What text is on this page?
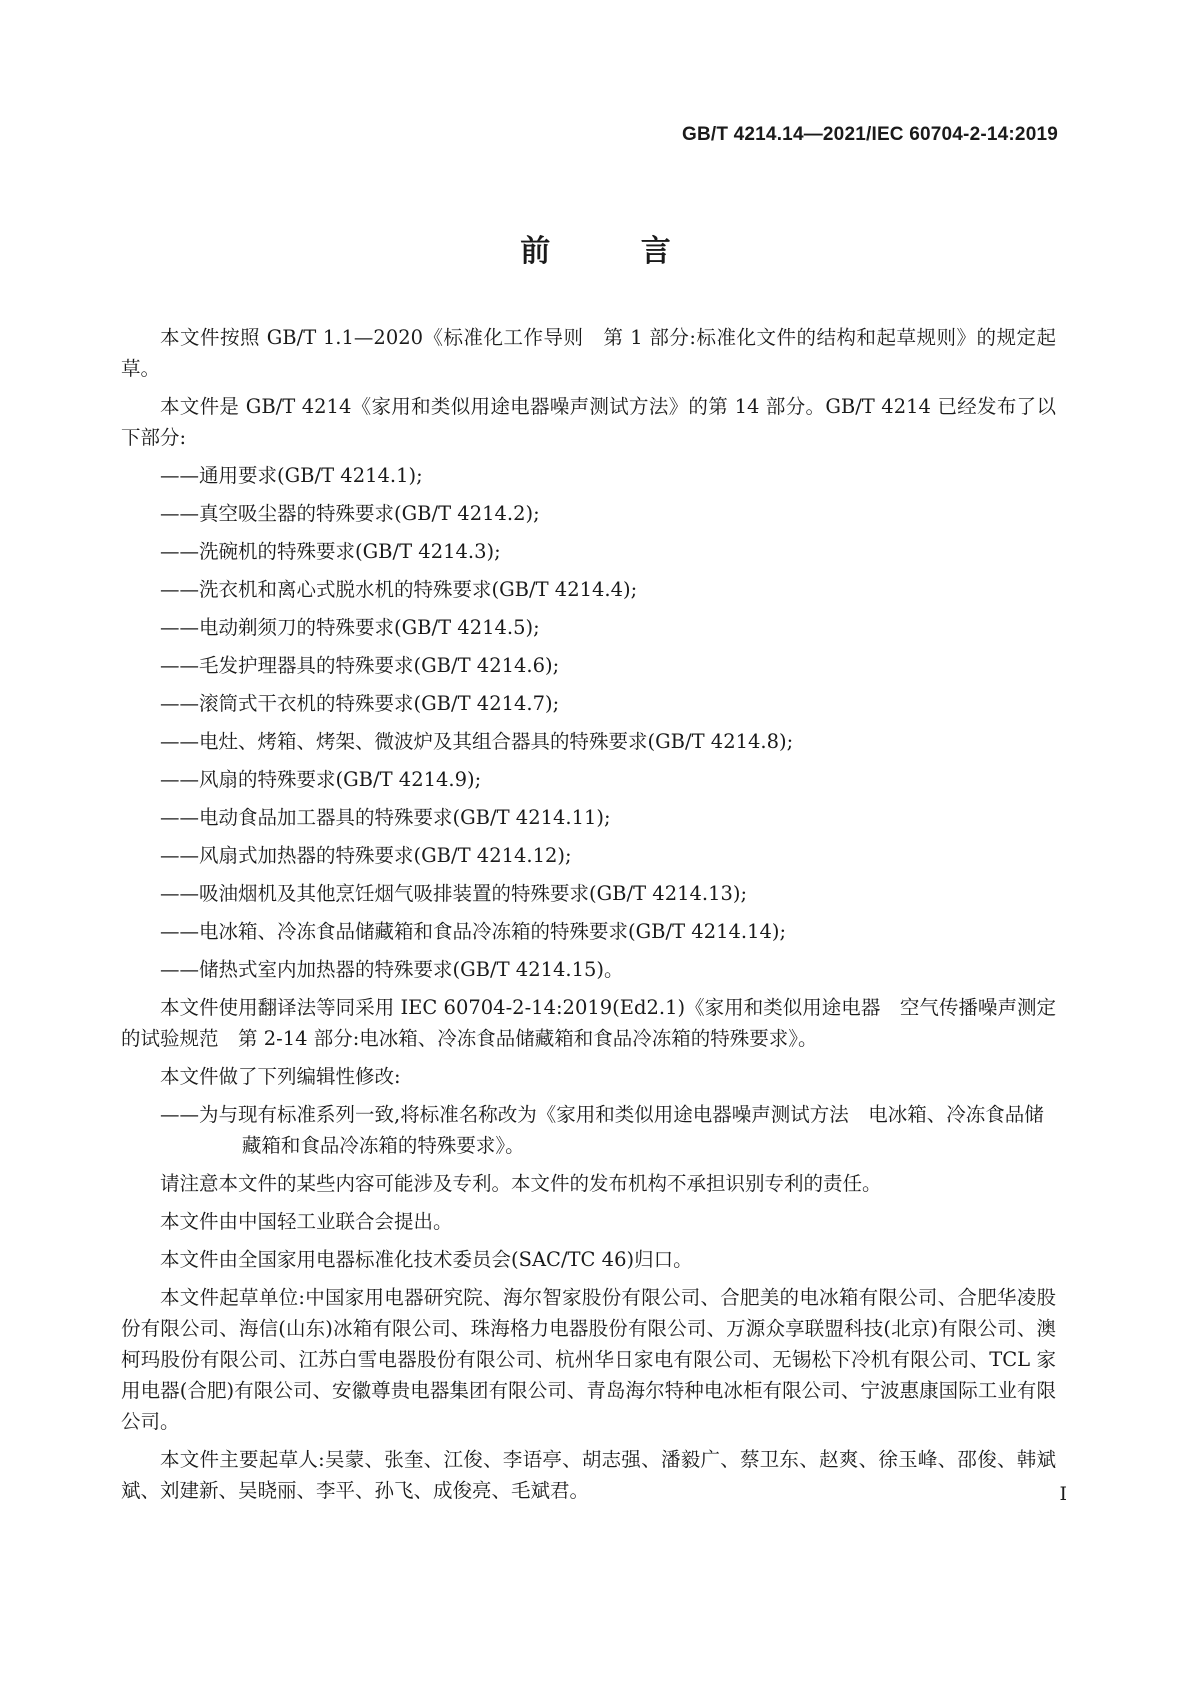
GB/T 4214.14—2021/IEC 60704-2-14:2019
前 言

本文件按照 GB/T 1.1—2020《标准化工作导则　第 1 部分:标准化文件的结构和起草规则》的规定起草。

本文件是 GB/T 4214《家用和类似用途电器噪声测试方法》的第 14 部分。GB/T 4214 已经发布了以下部分:

——通用要求(GB/T 4214.1);
——真空吸尘器的特殊要求(GB/T 4214.2);
——洗碗机的特殊要求(GB/T 4214.3);
——洗衣机和离心式脱水机的特殊要求(GB/T 4214.4);
——电动剃须刀的特殊要求(GB/T 4214.5);
——毛发护理器具的特殊要求(GB/T 4214.6);
——滚筒式干衣机的特殊要求(GB/T 4214.7);
——电灶、烤箱、烤架、微波炉及其组合器具的特殊要求(GB/T 4214.8);
——风扇的特殊要求(GB/T 4214.9);
——电动食品加工器具的特殊要求(GB/T 4214.11);
——风扇式加热器的特殊要求(GB/T 4214.12);
——吸油烟机及其他烹饪烟气吸排装置的特殊要求(GB/T 4214.13);
——电冰箱、冷冻食品储藏箱和食品冷冻箱的特殊要求(GB/T 4214.14);
——储热式室内加热器的特殊要求(GB/T 4214.15)。

本文件使用翻译法等同采用 IEC 60704-2-14:2019(Ed2.1)《家用和类似用途电器　空气传播噪声测定的试验规范　第 2-14 部分:电冰箱、冷冻食品储藏箱和食品冷冻箱的特殊要求》。

本文件做了下列编辑性修改:

——为与现有标准系列一致,将标准名称改为《家用和类似用途电器噪声测试方法　电冰箱、冷冻食品储藏箱和食品冷冻箱的特殊要求》。

请注意本文件的某些内容可能涉及专利。本文件的发布机构不承担识别专利的责任。

本文件由中国轻工业联合会提出。

本文件由全国家用电器标准化技术委员会(SAC/TC 46)归口。

本文件起草单位:中国家用电器研究院、海尔智家股份有限公司、合肥美的电冰箱有限公司、合肥华凌股份有限公司、海信(山东)冰箱有限公司、珠海格力电器股份有限公司、万源众享联盟科技(北京)有限公司、澳柯玛股份有限公司、江苏白雪电器股份有限公司、杭州华日家电有限公司、无锡松下冷机有限公司、TCL 家用电器(合肥)有限公司、安徽尊贵电器集团有限公司、青岛海尔特种电冰柜有限公司、宁波惠康国际工业有限公司。

本文件主要起草人:吴蒙、张奎、江俊、李语亭、胡志强、潘毅广、蔡卫东、赵爽、徐玉峰、邵俊、韩斌斌、刘建新、吴晓丽、李平、孙飞、成俊亮、毛斌君。	I
